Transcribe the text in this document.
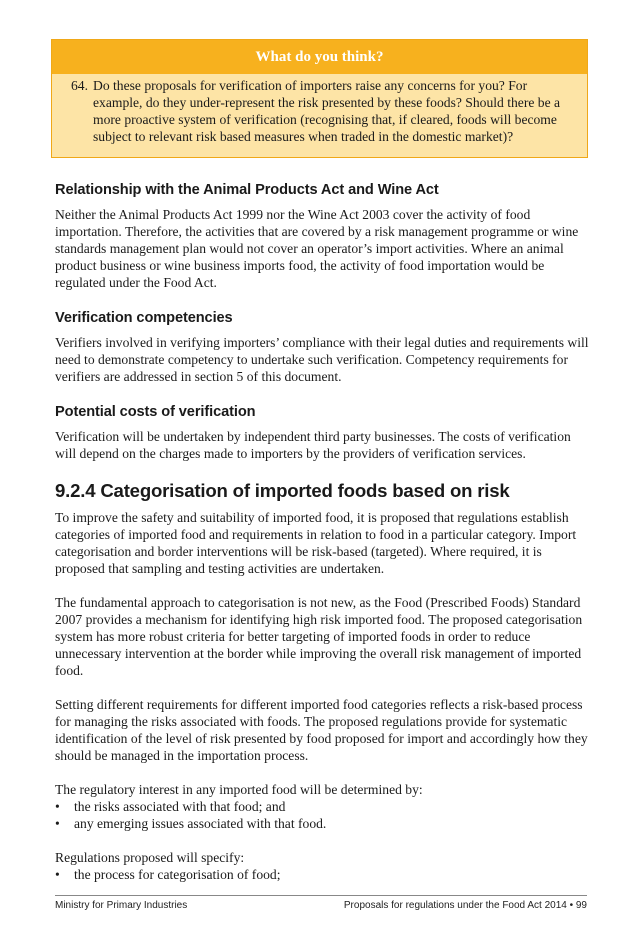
What do you think?
64. Do these proposals for verification of importers raise any concerns for you? For example, do they under-represent the risk presented by these foods? Should there be a more proactive system of verification (recognising that, if cleared, foods will become subject to relevant risk based measures when traded in the domestic market)?
Relationship with the Animal Products Act and Wine Act

Neither the Animal Products Act 1999 nor the Wine Act 2003 cover the activity of food importation. Therefore, the activities that are covered by a risk management programme or wine standards management plan would not cover an operator’s import activities. Where an animal product business or wine business imports food, the activity of food importation would be regulated under the Food Act.

Verification competencies

Verifiers involved in verifying importers’ compliance with their legal duties and requirements will need to demonstrate competency to undertake such verification. Competency requirements for verifiers are addressed in section 5 of this document.

Potential costs of verification

Verification will be undertaken by independent third party businesses. The costs of verification will depend on the charges made to importers by the providers of verification services.

9.2.4 Categorisation of imported foods based on risk

To improve the safety and suitability of imported food, it is proposed that regulations establish categories of imported food and requirements in relation to food in a particular category. Import categorisation and border interventions will be risk-based (targeted). Where required, it is proposed that sampling and testing activities are undertaken.

The fundamental approach to categorisation is not new, as the Food (Prescribed Foods) Standard 2007 provides a mechanism for identifying high risk imported food. The proposed categorisation system has more robust criteria for better targeting of imported foods in order to reduce unnecessary intervention at the border while improving the overall risk management of imported food.

Setting different requirements for different imported food categories reflects a risk-based process for managing the risks associated with foods. The proposed regulations provide for systematic identification of the level of risk presented by food proposed for import and accordingly how they should be managed in the importation process.

The regulatory interest in any imported food will be determined by:

• the risks associated with that food; and
• any emerging issues associated with that food.

Regulations proposed will specify:

• the process for categorisation of food;
Ministry for Primary Industries	Proposals for regulations under the Food Act 2014 • 99
